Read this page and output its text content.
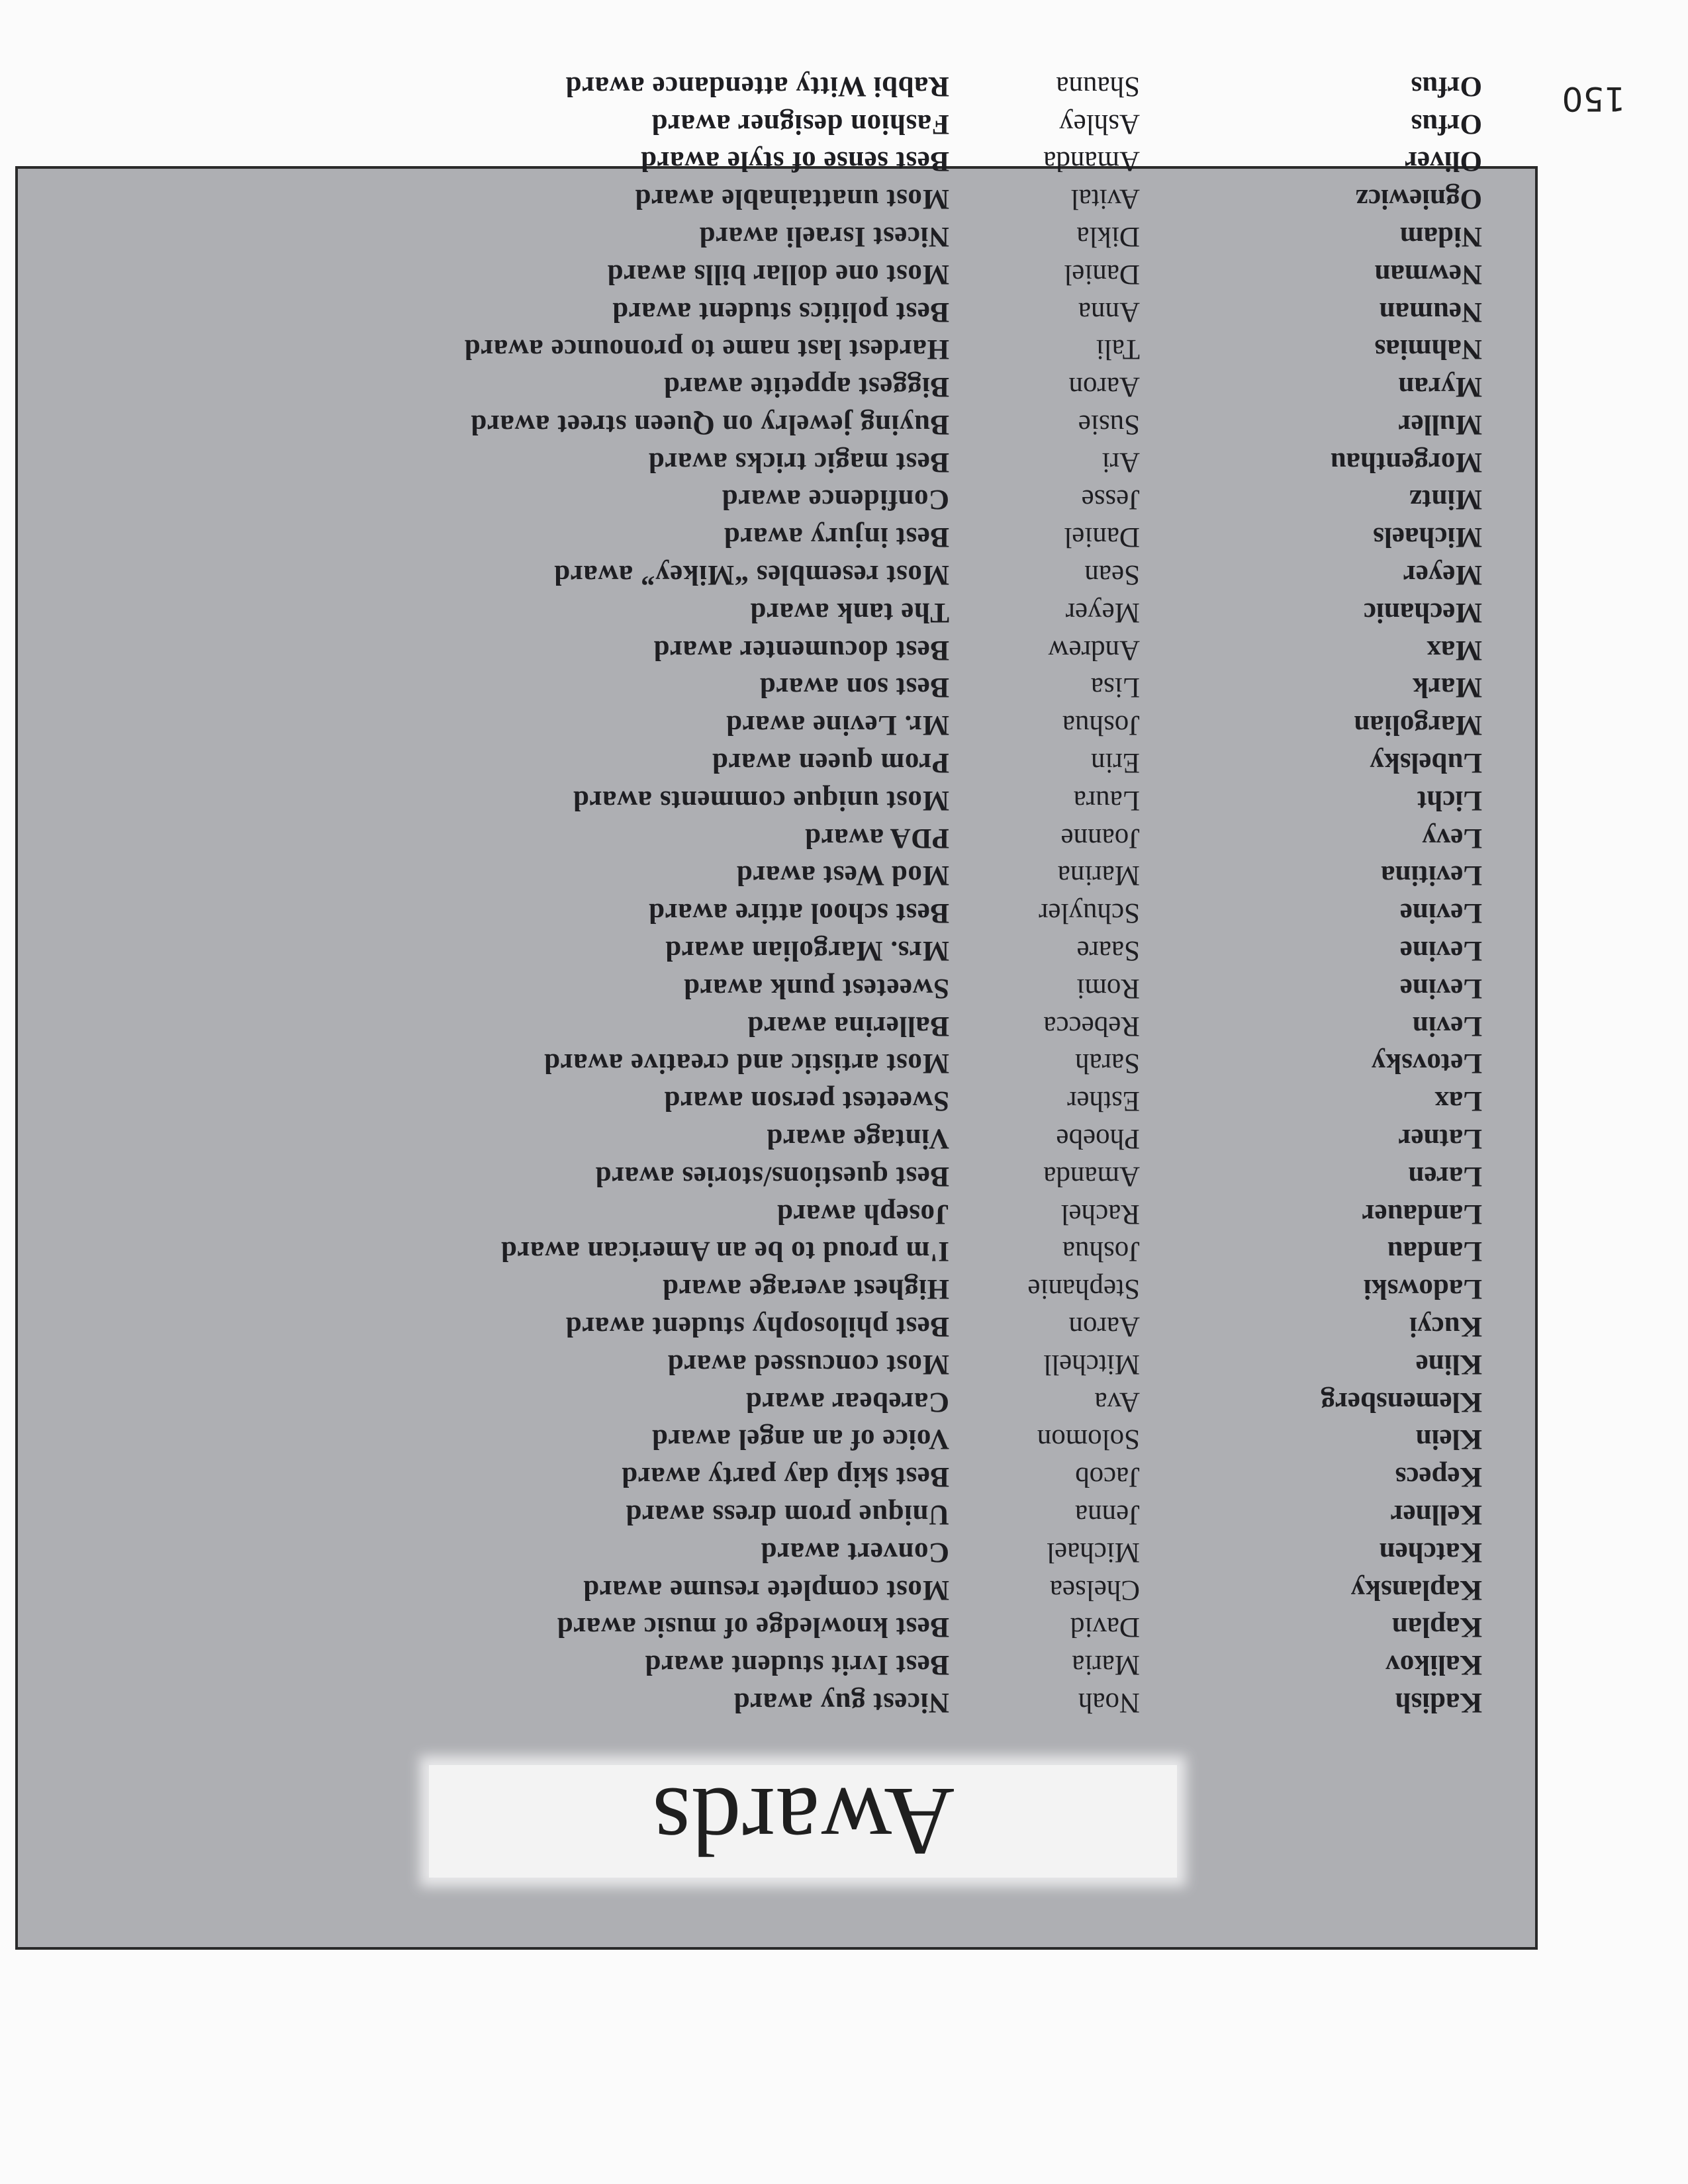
150
Awards
Kadish
Noah
Nicest guy award
Kalikov
Maria
Best Ivrit student award
Kaplan
David
Best knowledge of music award
Kaplansky
Chelsea
Most complete resume award
Katchen
Michael
Convert award
Kellner
Jenna
Unique prom dress award
Kepecs
Jacob
Best skip day party award
Klein
Solomon
Voice of an angel award
Klemensberg
Ava
Carebear award
Kline
Mitchell
Most concussed award
Kucyi
Aaron
Best philosophy student award
Ladowski
Stephanie
Highest average award
Landau
Joshua
I'm proud to be an American award
Landauer
Rachel
Joseph award
Laren
Amanda
Best questions/stories award
Latner
Phoebe
Vintage award
Lax
Esther
Sweetest person award
Letovsky
Sarah
Most artistic and creative award
Levin
Rebecca
Ballerina award
Levine
Romi
Sweetest punk award
Levine
Saare
Mrs. Margolian award
Levine
Schuyler
Best school attire award
Levitina
Marina
Mod West award
Levy
Joanne
PDA award
Licht
Laura
Most unique comments award
Lubelsky
Erin
Prom queen award
Margolian
Joshua
Mr. Levine award
Mark
Lisa
Best son award
Max
Andrew
Best documenter award
Mechanic
Meyer
The tank award
Meyer
Sean
Most resembles “Mikey” award
Michaels
Daniel
Best injury award
Mintz
Jesse
Confidence award
Morgenthau
Ari
Best magic tricks award
Muller
Susie
Buying jewelry on Queen street award
Myran
Aaron
Biggest appetite award
Nahmias
Tali
Hardest last name to pronounce award
Neuman
Anna
Best politics student award
Newman
Daniel
Most one dollar bills award
Nidam
Dikla
Nicest Israeli award
Ogniewicz
Avital
Most unattainable award
Oliver
Amanda
Best sense of style award
Orfus
Ashley
Fashion designer award
Orfus
Shauna
Rabbi Witty attendance award
